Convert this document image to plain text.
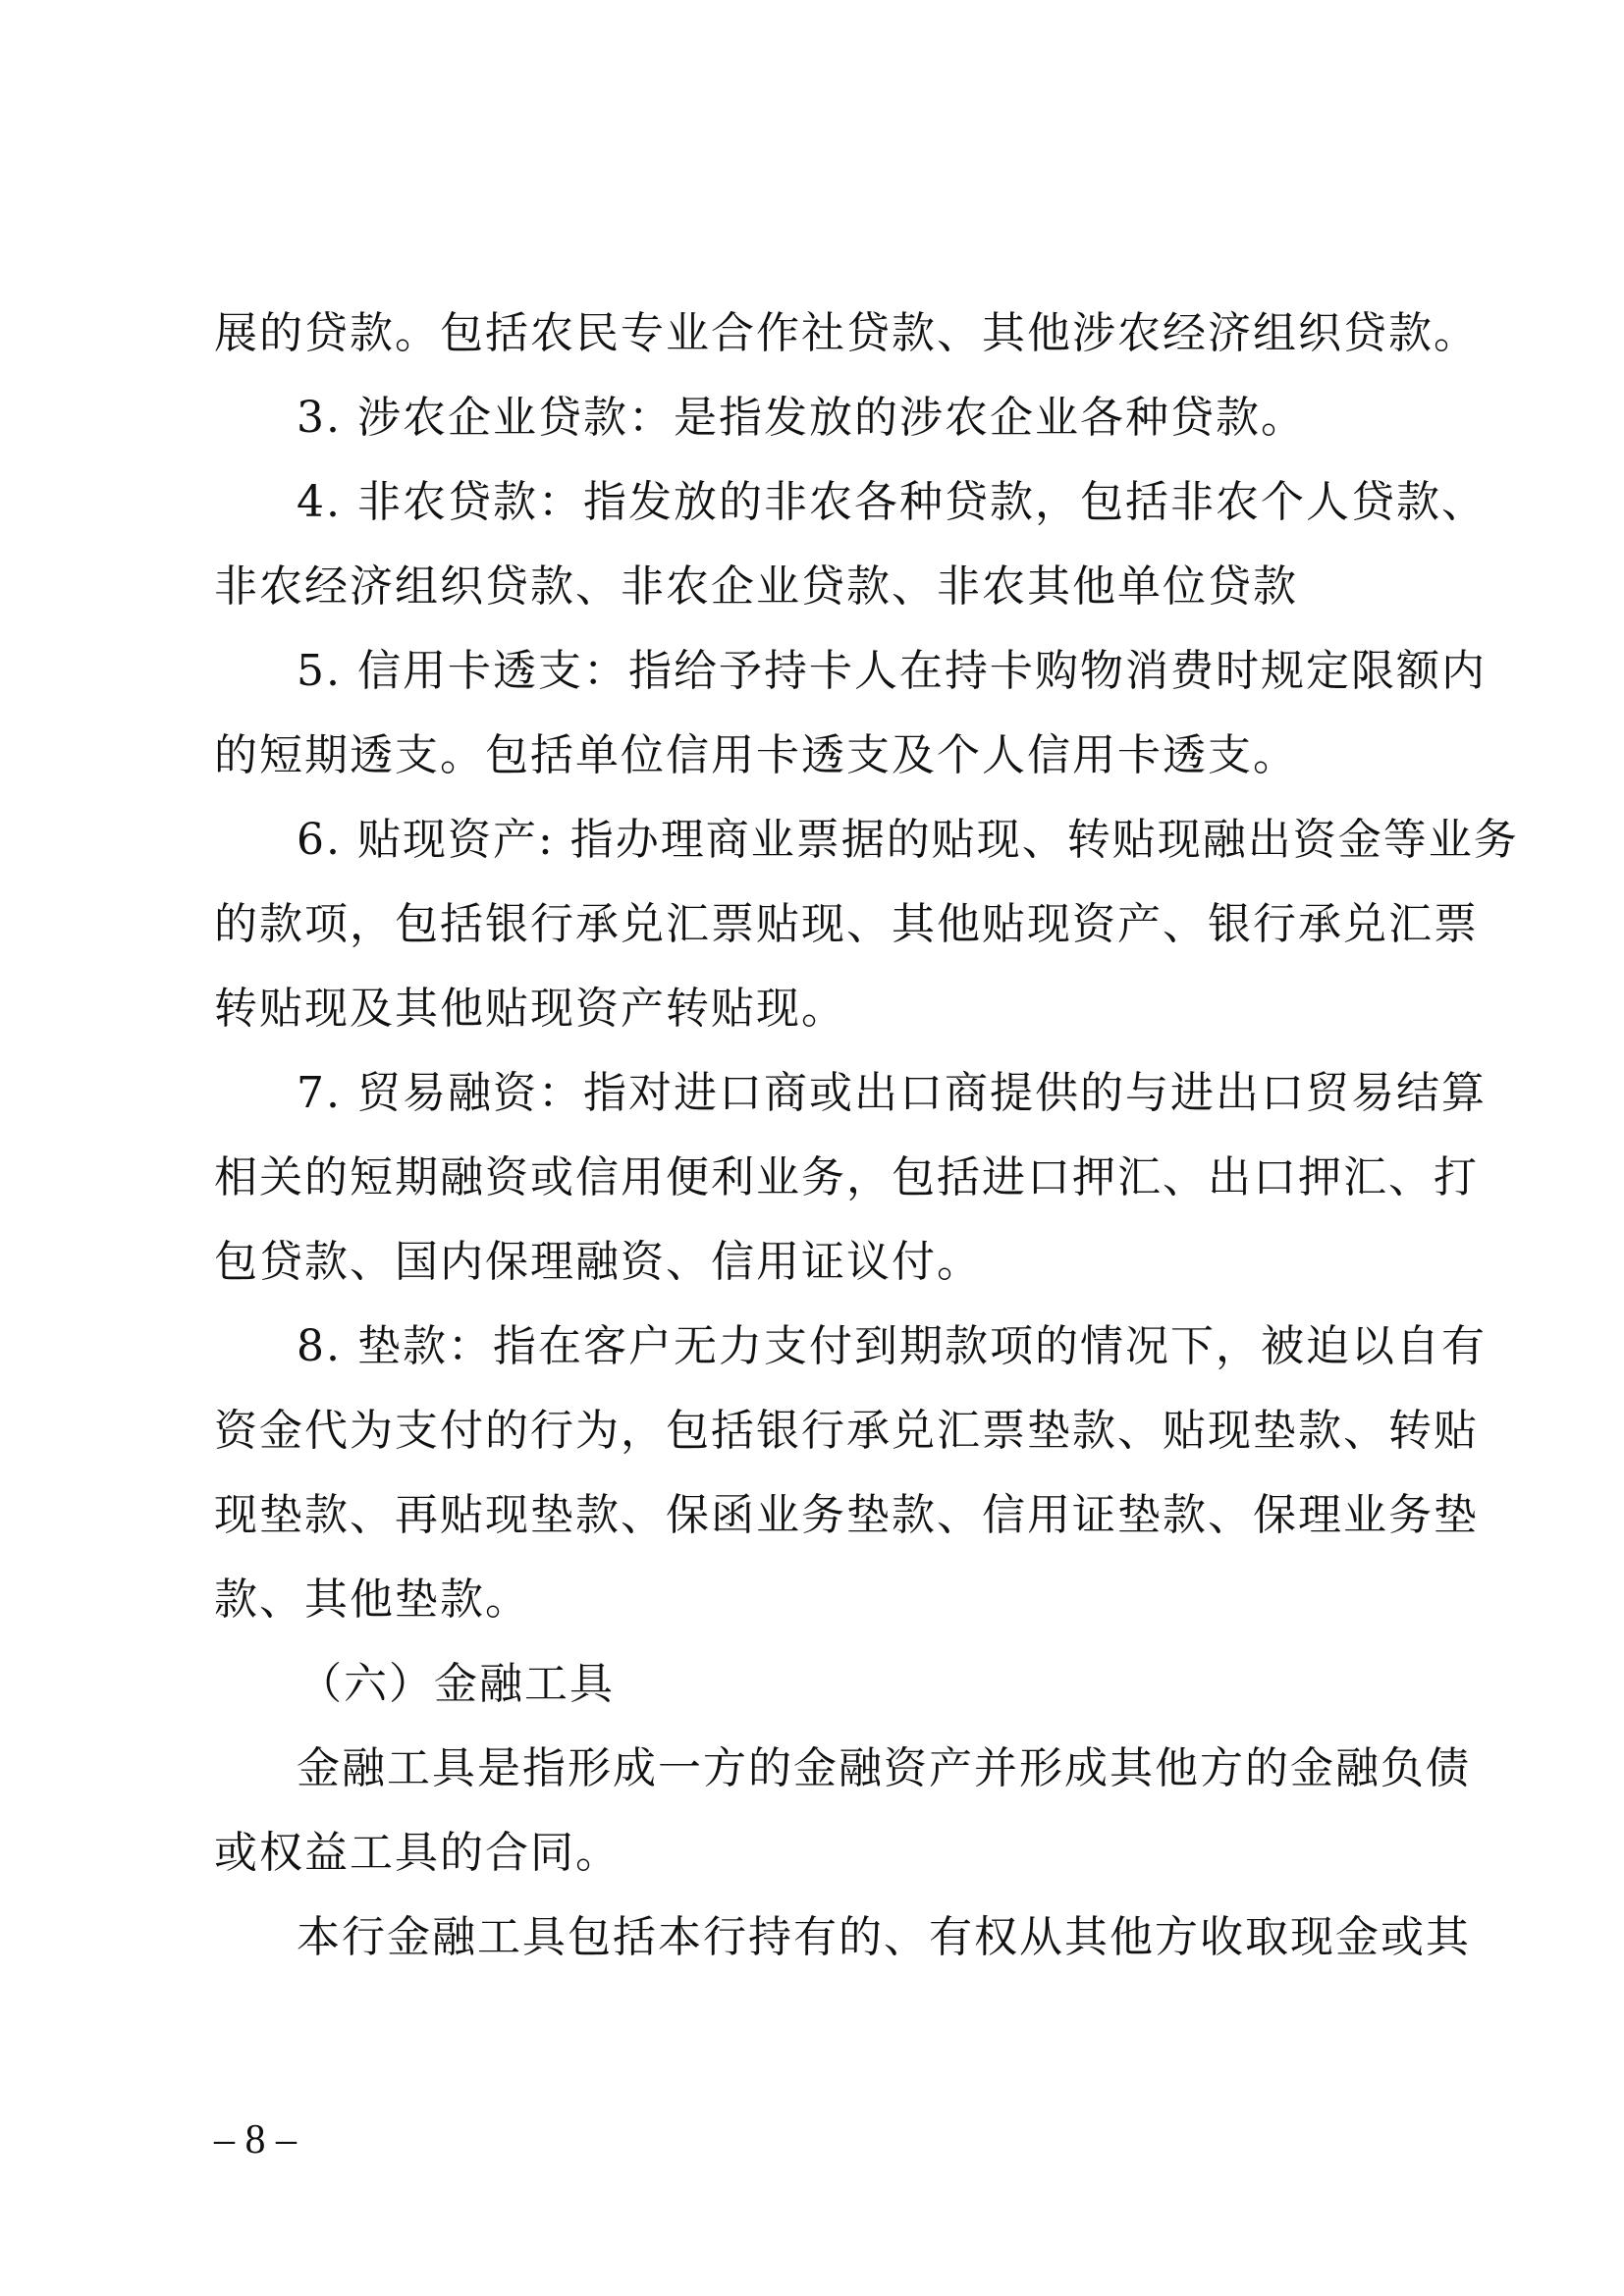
展的贷款。包括农民专业合作社贷款、其他涉农经济组织贷款。
3. 涉农企业贷款：是指发放的涉农企业各种贷款。
4. 非农贷款：指发放的非农各种贷款，包括非农个人贷款、
非农经济组织贷款、非农企业贷款、非农其他单位贷款
5. 信用卡透支：指给予持卡人在持卡购物消费时规定限额内
的短期透支。包括单位信用卡透支及个人信用卡透支。
6. 贴现资产: 指办理商业票据的贴现、转贴现融出资金等业务
的款项，包括银行承兑汇票贴现、其他贴现资产、银行承兑汇票
转贴现及其他贴现资产转贴现。
7. 贸易融资：指对进口商或出口商提供的与进出口贸易结算
相关的短期融资或信用便利业务，包括进口押汇、出口押汇、打
包贷款、国内保理融资、信用证议付。
8. 垫款：指在客户无力支付到期款项的情况下，被迫以自有
资金代为支付的行为，包括银行承兑汇票垫款、贴现垫款、转贴
现垫款、再贴现垫款、保函业务垫款、信用证垫款、保理业务垫
款、其他垫款。
（六）金融工具
金融工具是指形成一方的金融资产并形成其他方的金融负债
或权益工具的合同。
本行金融工具包括本行持有的、有权从其他方收取现金或其
– 8 –
